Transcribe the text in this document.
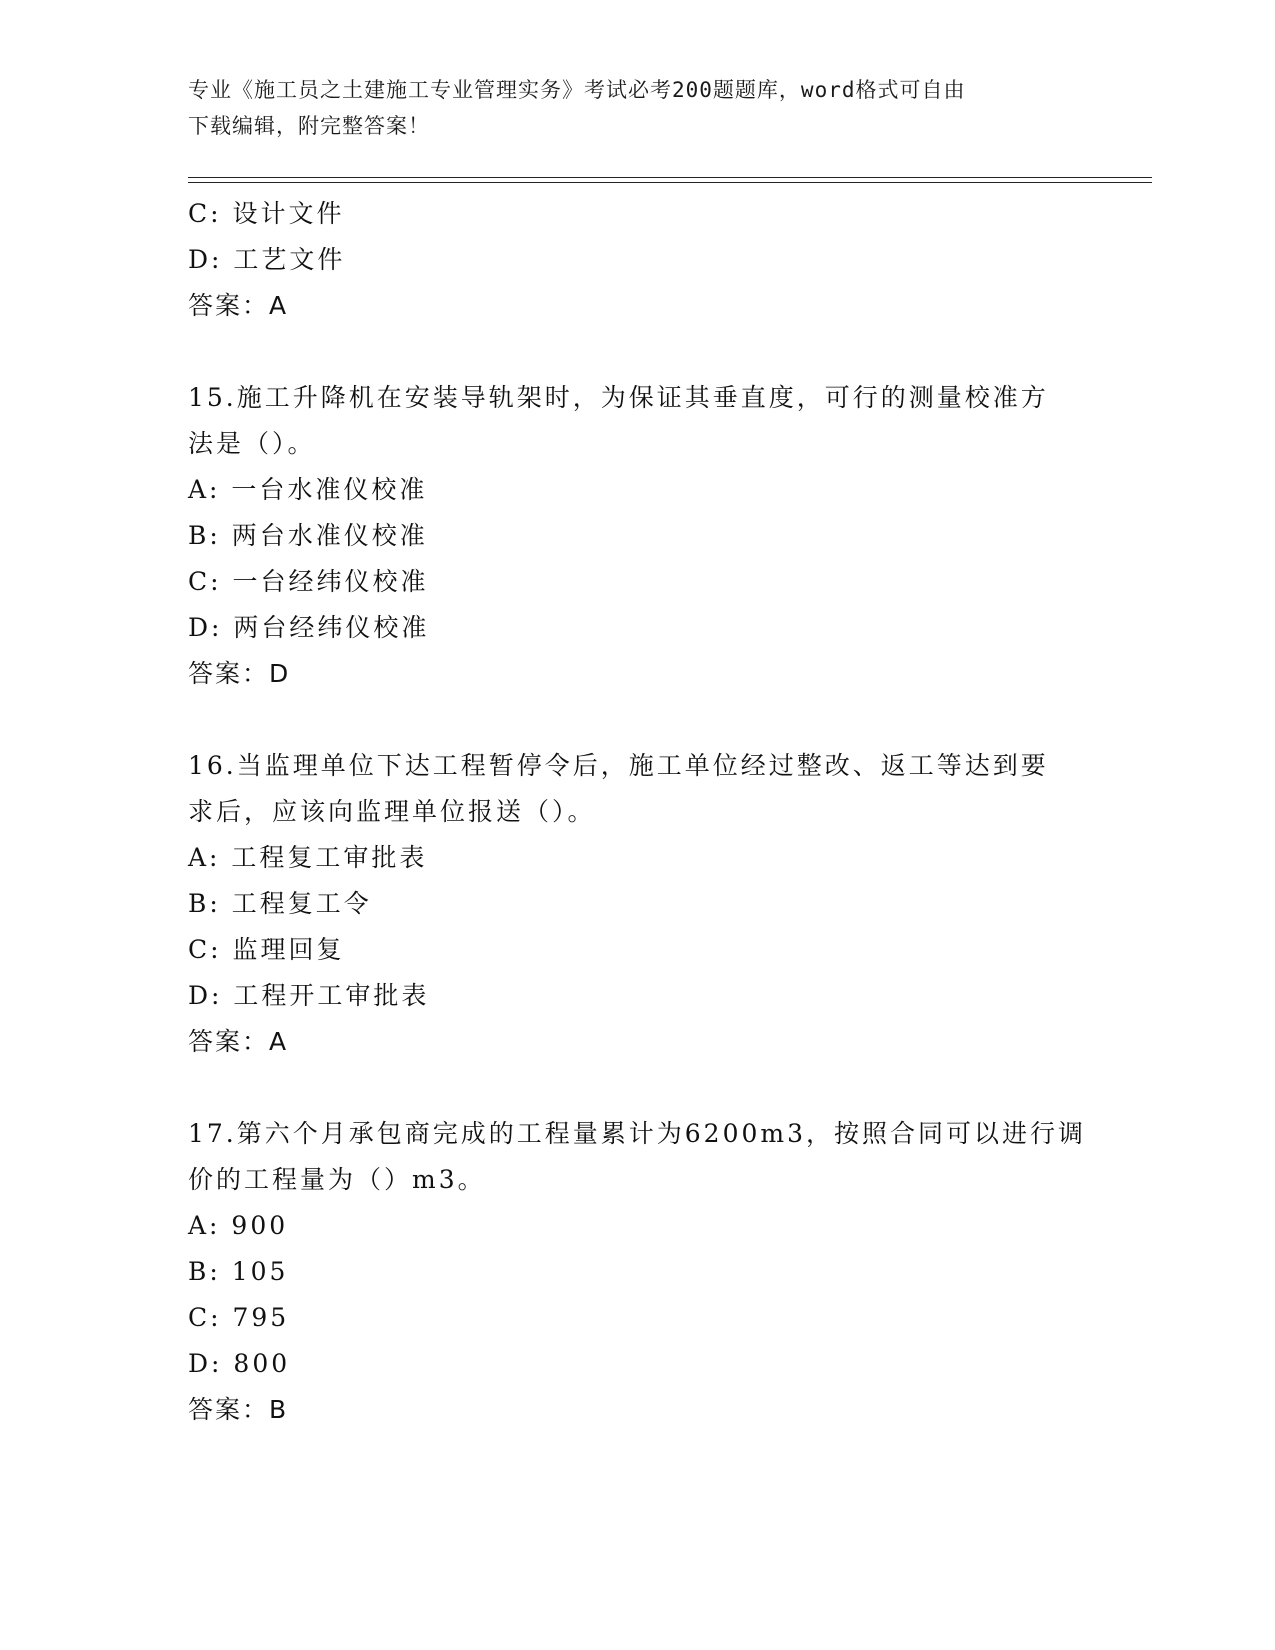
专业《施工员之土建施工专业管理实务》考试必考200题题库，word格式可自由
下载编辑，附完整答案！
C: 设计文件
D: 工艺文件
答案：A
15.施工升降机在安装导轨架时，为保证其垂直度，可行的测量校准方
法是（）。
A: 一台水准仪校准
B: 两台水准仪校准
C: 一台经纬仪校准
D: 两台经纬仪校准
答案：D
16.当监理单位下达工程暂停令后，施工单位经过整改、返工等达到要
求后，应该向监理单位报送（）。
A: 工程复工审批表
B: 工程复工令
C: 监理回复
D: 工程开工审批表
答案：A
17.第六个月承包商完成的工程量累计为6200m3，按照合同可以进行调
价的工程量为（）m3。
A: 900
B: 105
C: 795
D: 800
答案：B
